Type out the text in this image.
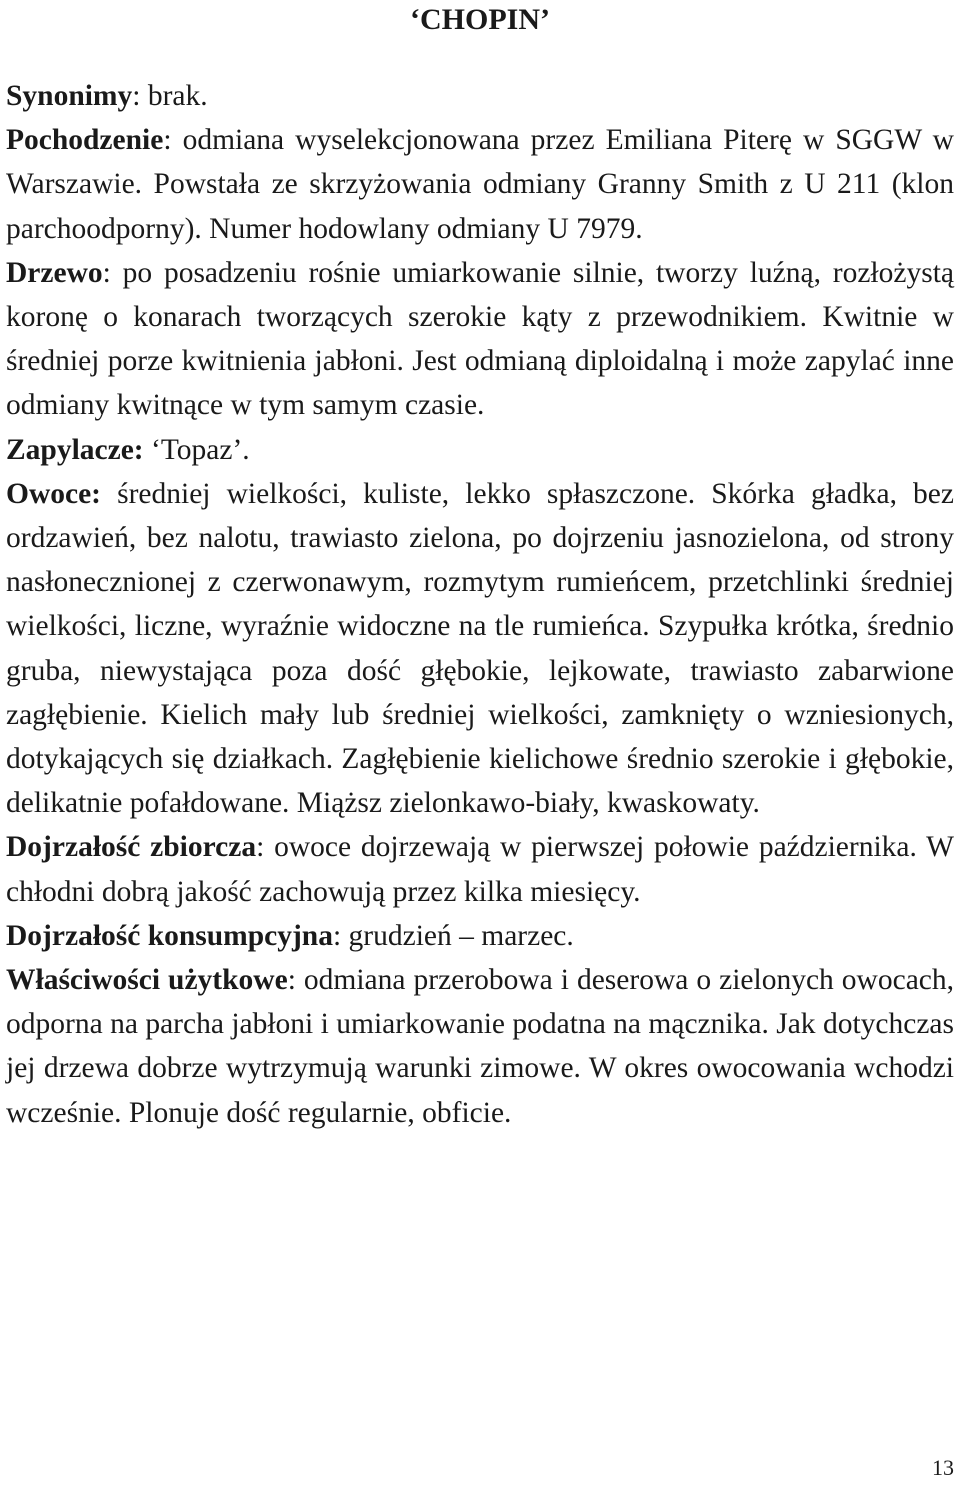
‘CHOPIN’

Synonimy: brak.

Pochodzenie: odmiana wyselekcjonowana przez Emiliana Piterę w SGGW w Warszawie. Powstała ze skrzyżowania odmiany Granny Smith z U 211 (klon parchoodporny). Numer hodowlany odmiany U 7979.

Drzewo: po posadzeniu rośnie umiarkowanie silnie, tworzy luźną, rozłożystą koronę o konarach tworzących szerokie kąty z przewodnikiem. Kwitnie w średniej porze kwitnienia jabłoni. Jest odmianą diploidalną i może zapylać inne odmiany kwitnące w tym samym czasie.

Zapylacze: ‘Topaz’.

Owoce: średniej wielkości, kuliste, lekko spłaszczone. Skórka gładka, bez ordzawień, bez nalotu, trawiasto zielona, po dojrzeniu jasnozielona, od strony nasłonecznionej z czerwonawym, rozmytym rumieńcem, przetchlinki średniej wielkości, liczne, wyraźnie widoczne na tle rumieńca. Szypułka krótka, średnio gruba, niewystająca poza dość głębokie, lejkowate, trawiasto zabarwione zagłębienie. Kielich mały lub średniej wielkości, zamknięty o wzniesionych, dotykających się działkach. Zagłębienie kielichowe średnio szerokie i głębokie, delikatnie pofałdowane. Miąższ zielonkawo-biały, kwaskowaty.

Dojrzałość zbiorcza: owoce dojrzewają w pierwszej połowie października. W chłodni dobrą jakość zachowują przez kilka miesięcy.

Dojrzałość konsumpcyjna: grudzień – marzec.

Właściwości użytkowe: odmiana przerobowa i deserowa o zielonych owocach, odporna na parcha jabłoni i umiarkowanie podatna na mącznika. Jak dotychczas jej drzewa dobrze wytrzymują warunki zimowe. W okres owocowania wchodzi wcześnie. Plonuje dość regularnie, obficie.

13
